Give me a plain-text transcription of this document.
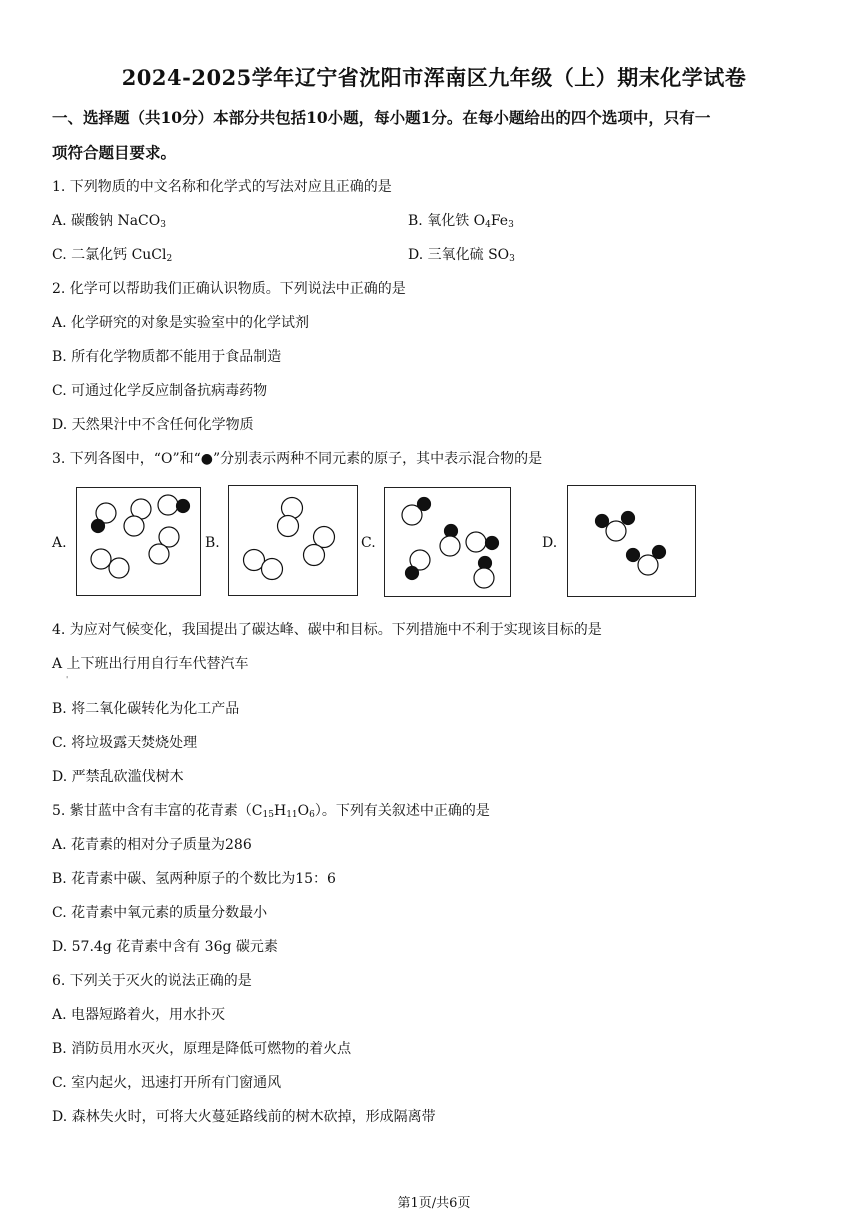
2024-2025学年辽宁省沈阳市浑南区九年级（上）期末化学试卷
一、选择题（共10分）本部分共包括10小题，每小题1分。在每小题给出的四个选项中，只有一
项符合题目要求。
1. 下列物质的中文名称和化学式的写法对应且正确的是
A. 碳酸钠 NaCO$_3$	B. 氧化铁 $O_4Fe_3$
C. 二氯化钙 CuCl$_2$	D. 三氧化硫 $SO_3$
2. 化学可以帮助我们正确认识物质。下列说法中正确的是
A. 化学研究的对象是实验室中的化学试剂
B. 所有化学物质都不能用于食品制造
C. 可通过化学反应制备抗病毒药物
D. 天然果汁中不含任何化学物质
3. 下列各图中，“O”和“●”分别表示两种不同元素的原子，其中表示混合物的是
A.	B.	C.	D.
4. 为应对气候变化，我国提出了碳达峰、碳中和目标。下列措施中不利于实现该目标的是
A 上下班出行用自行车代替汽车
'
B. 将二氧化碳转化为化工产品
C. 将垃圾露天焚烧处理
D. 严禁乱砍滥伐树木
5. 紫甘蓝中含有丰富的花青素$(C_{15}H_{11}O_6)$。下列有关叙述中正确的是
A. 花青素的相对分子质量为286
B. 花青素中碳、氢两种原子的个数比为15：6
C. 花青素中氧元素的质量分数最小
D. 57.4g 花青素中含有 36g 碳元素
6. 下列关于灭火的说法正确的是
A. 电器短路着火，用水扑灭
B. 消防员用水灭火，原理是降低可燃物的着火点
C. 室内起火，迅速打开所有门窗通风
D. 森林失火时，可将大火蔓延路线前的树木砍掉，形成隔离带
第1页/共6页
